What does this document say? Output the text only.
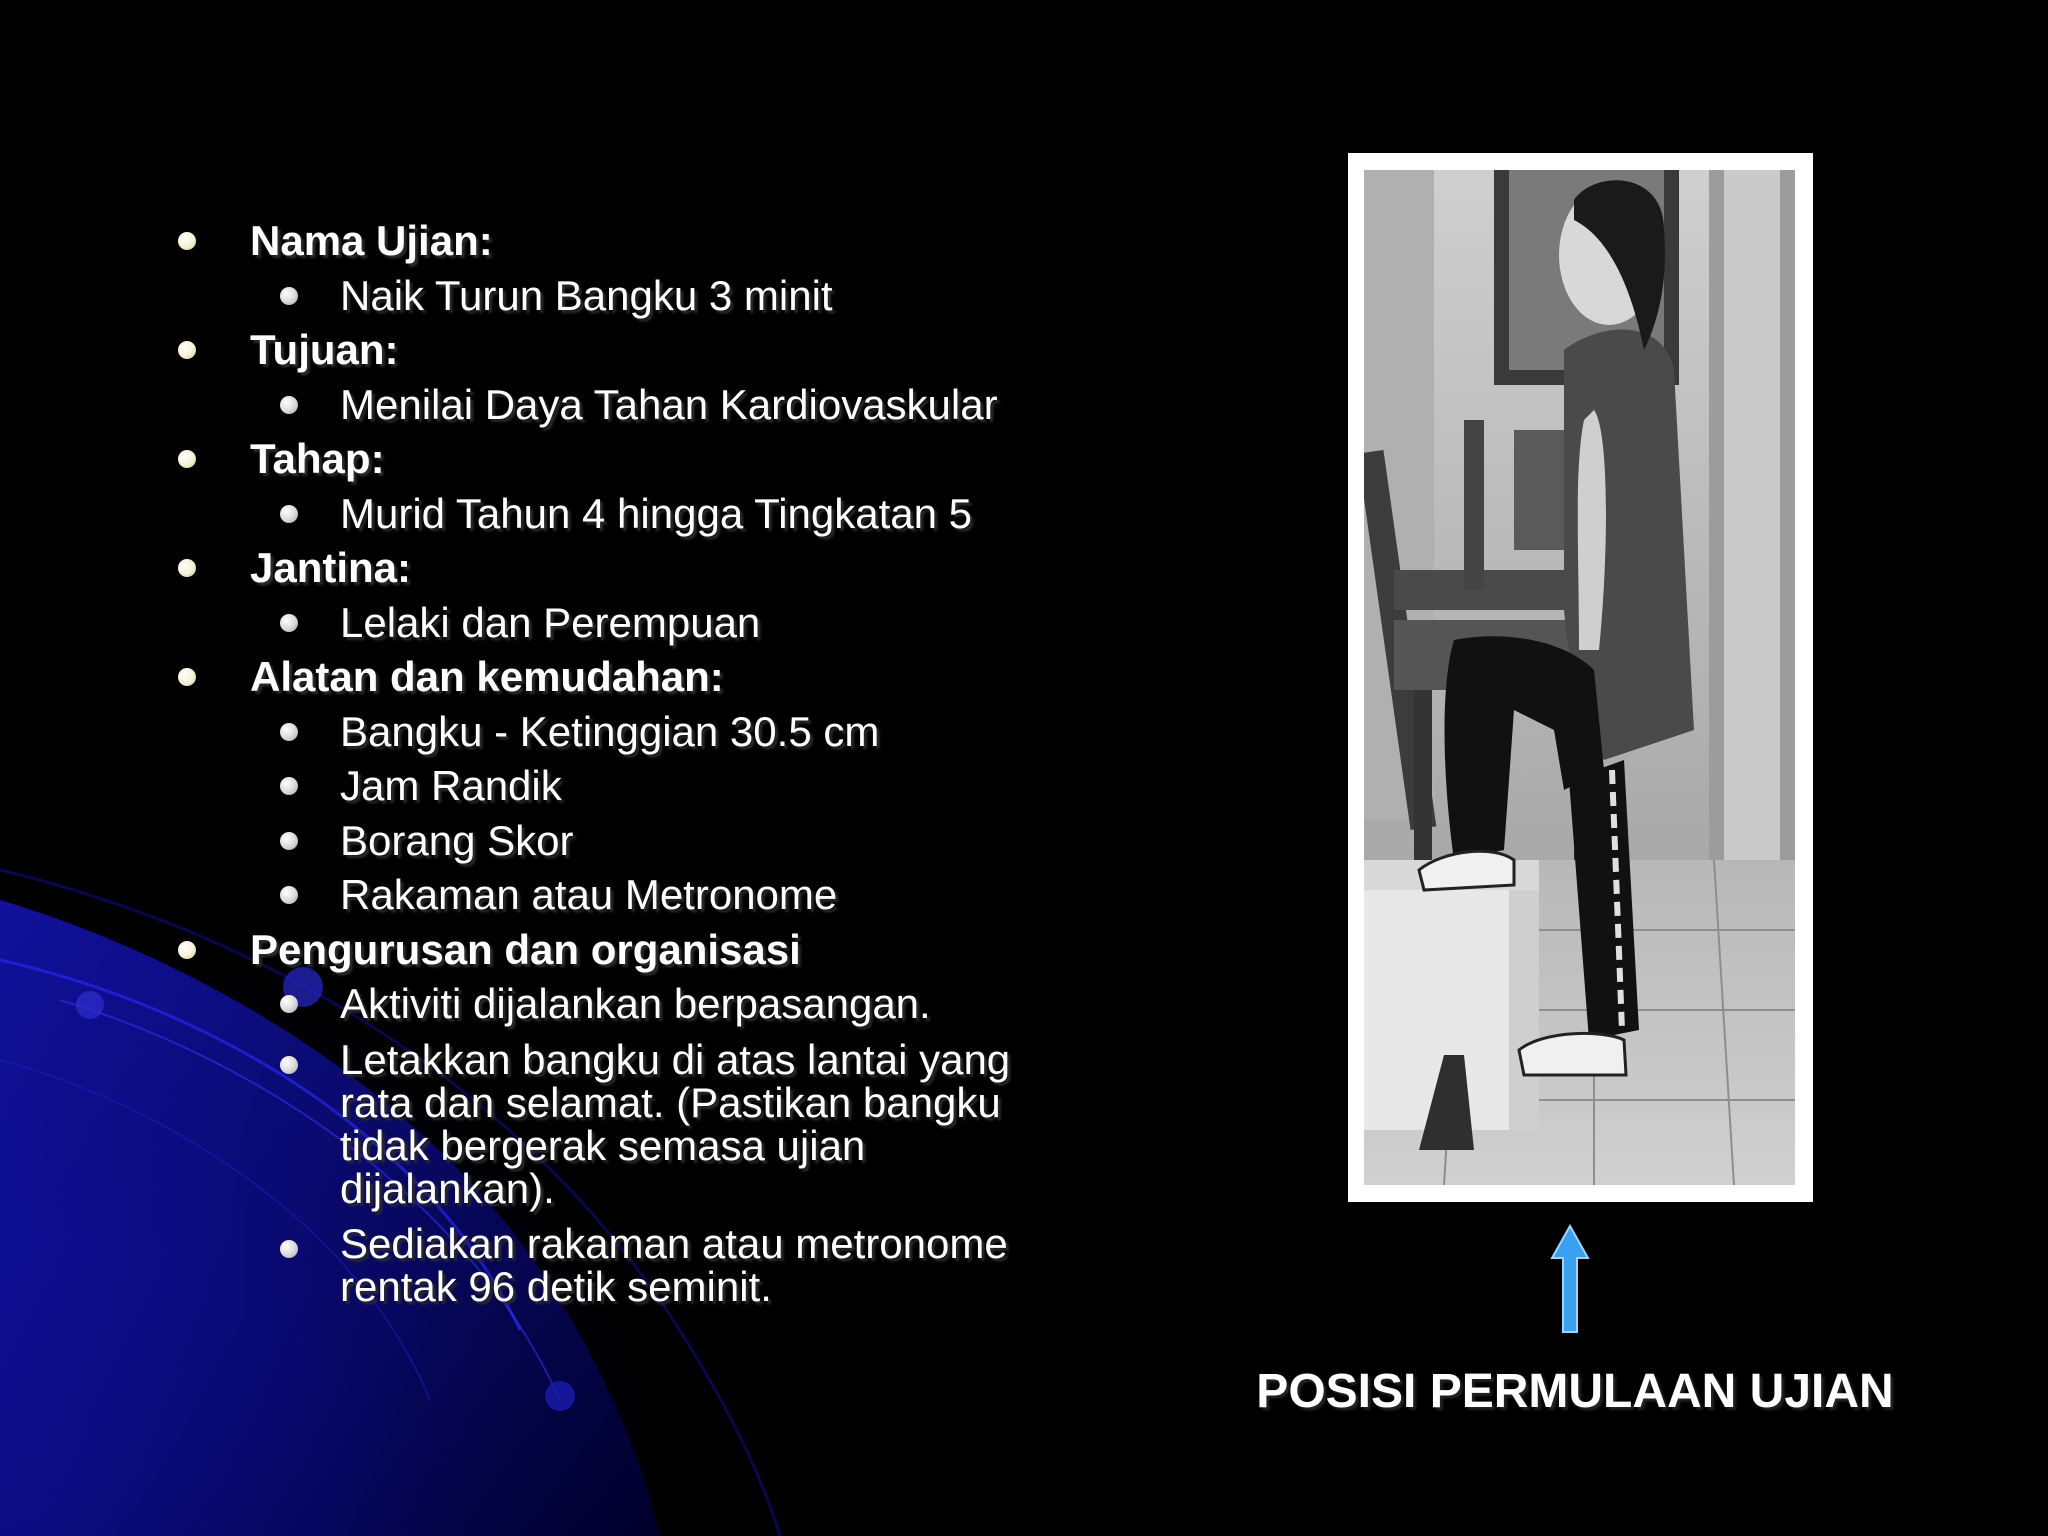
Nama Ujian:
Naik Turun Bangku 3 minit
Tujuan:
Menilai Daya Tahan Kardiovaskular
Tahap:
Murid Tahun 4 hingga Tingkatan 5
Jantina:
Lelaki dan Perempuan
Alatan dan kemudahan:
Bangku - Ketinggian 30.5 cm
Jam Randik
Borang Skor
Rakaman atau Metronome
Pengurusan dan organisasi
Aktiviti dijalankan berpasangan.
Letakkan bangku di atas lantai yang rata dan selamat. (Pastikan bangku tidak bergerak semasa ujian dijalankan).
Sediakan rakaman atau metronome rentak 96 detik seminit.
POSISI PERMULAAN UJIAN
